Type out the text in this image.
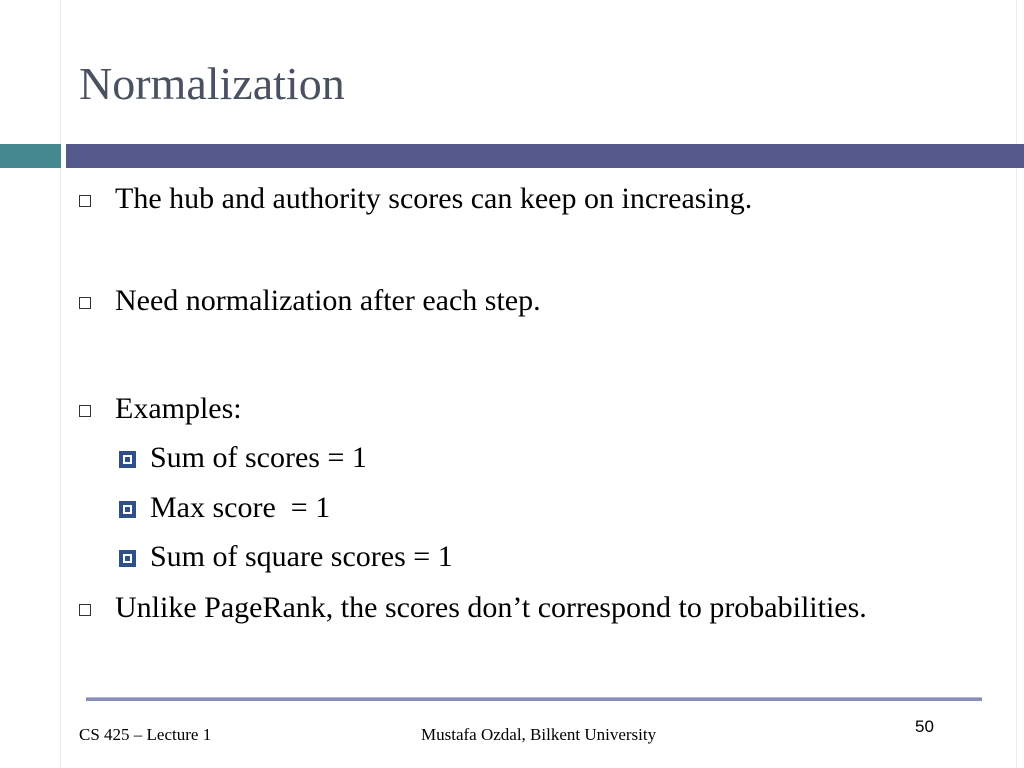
Normalization
The hub and authority scores can keep on increasing.
Need normalization after each step.
Examples:
Sum of scores = 1
Max score  = 1
Sum of square scores = 1
Unlike PageRank, the scores don’t correspond to probabilities.
CS 425 – Lecture 1	Mustafa Ozdal, Bilkent University	50
